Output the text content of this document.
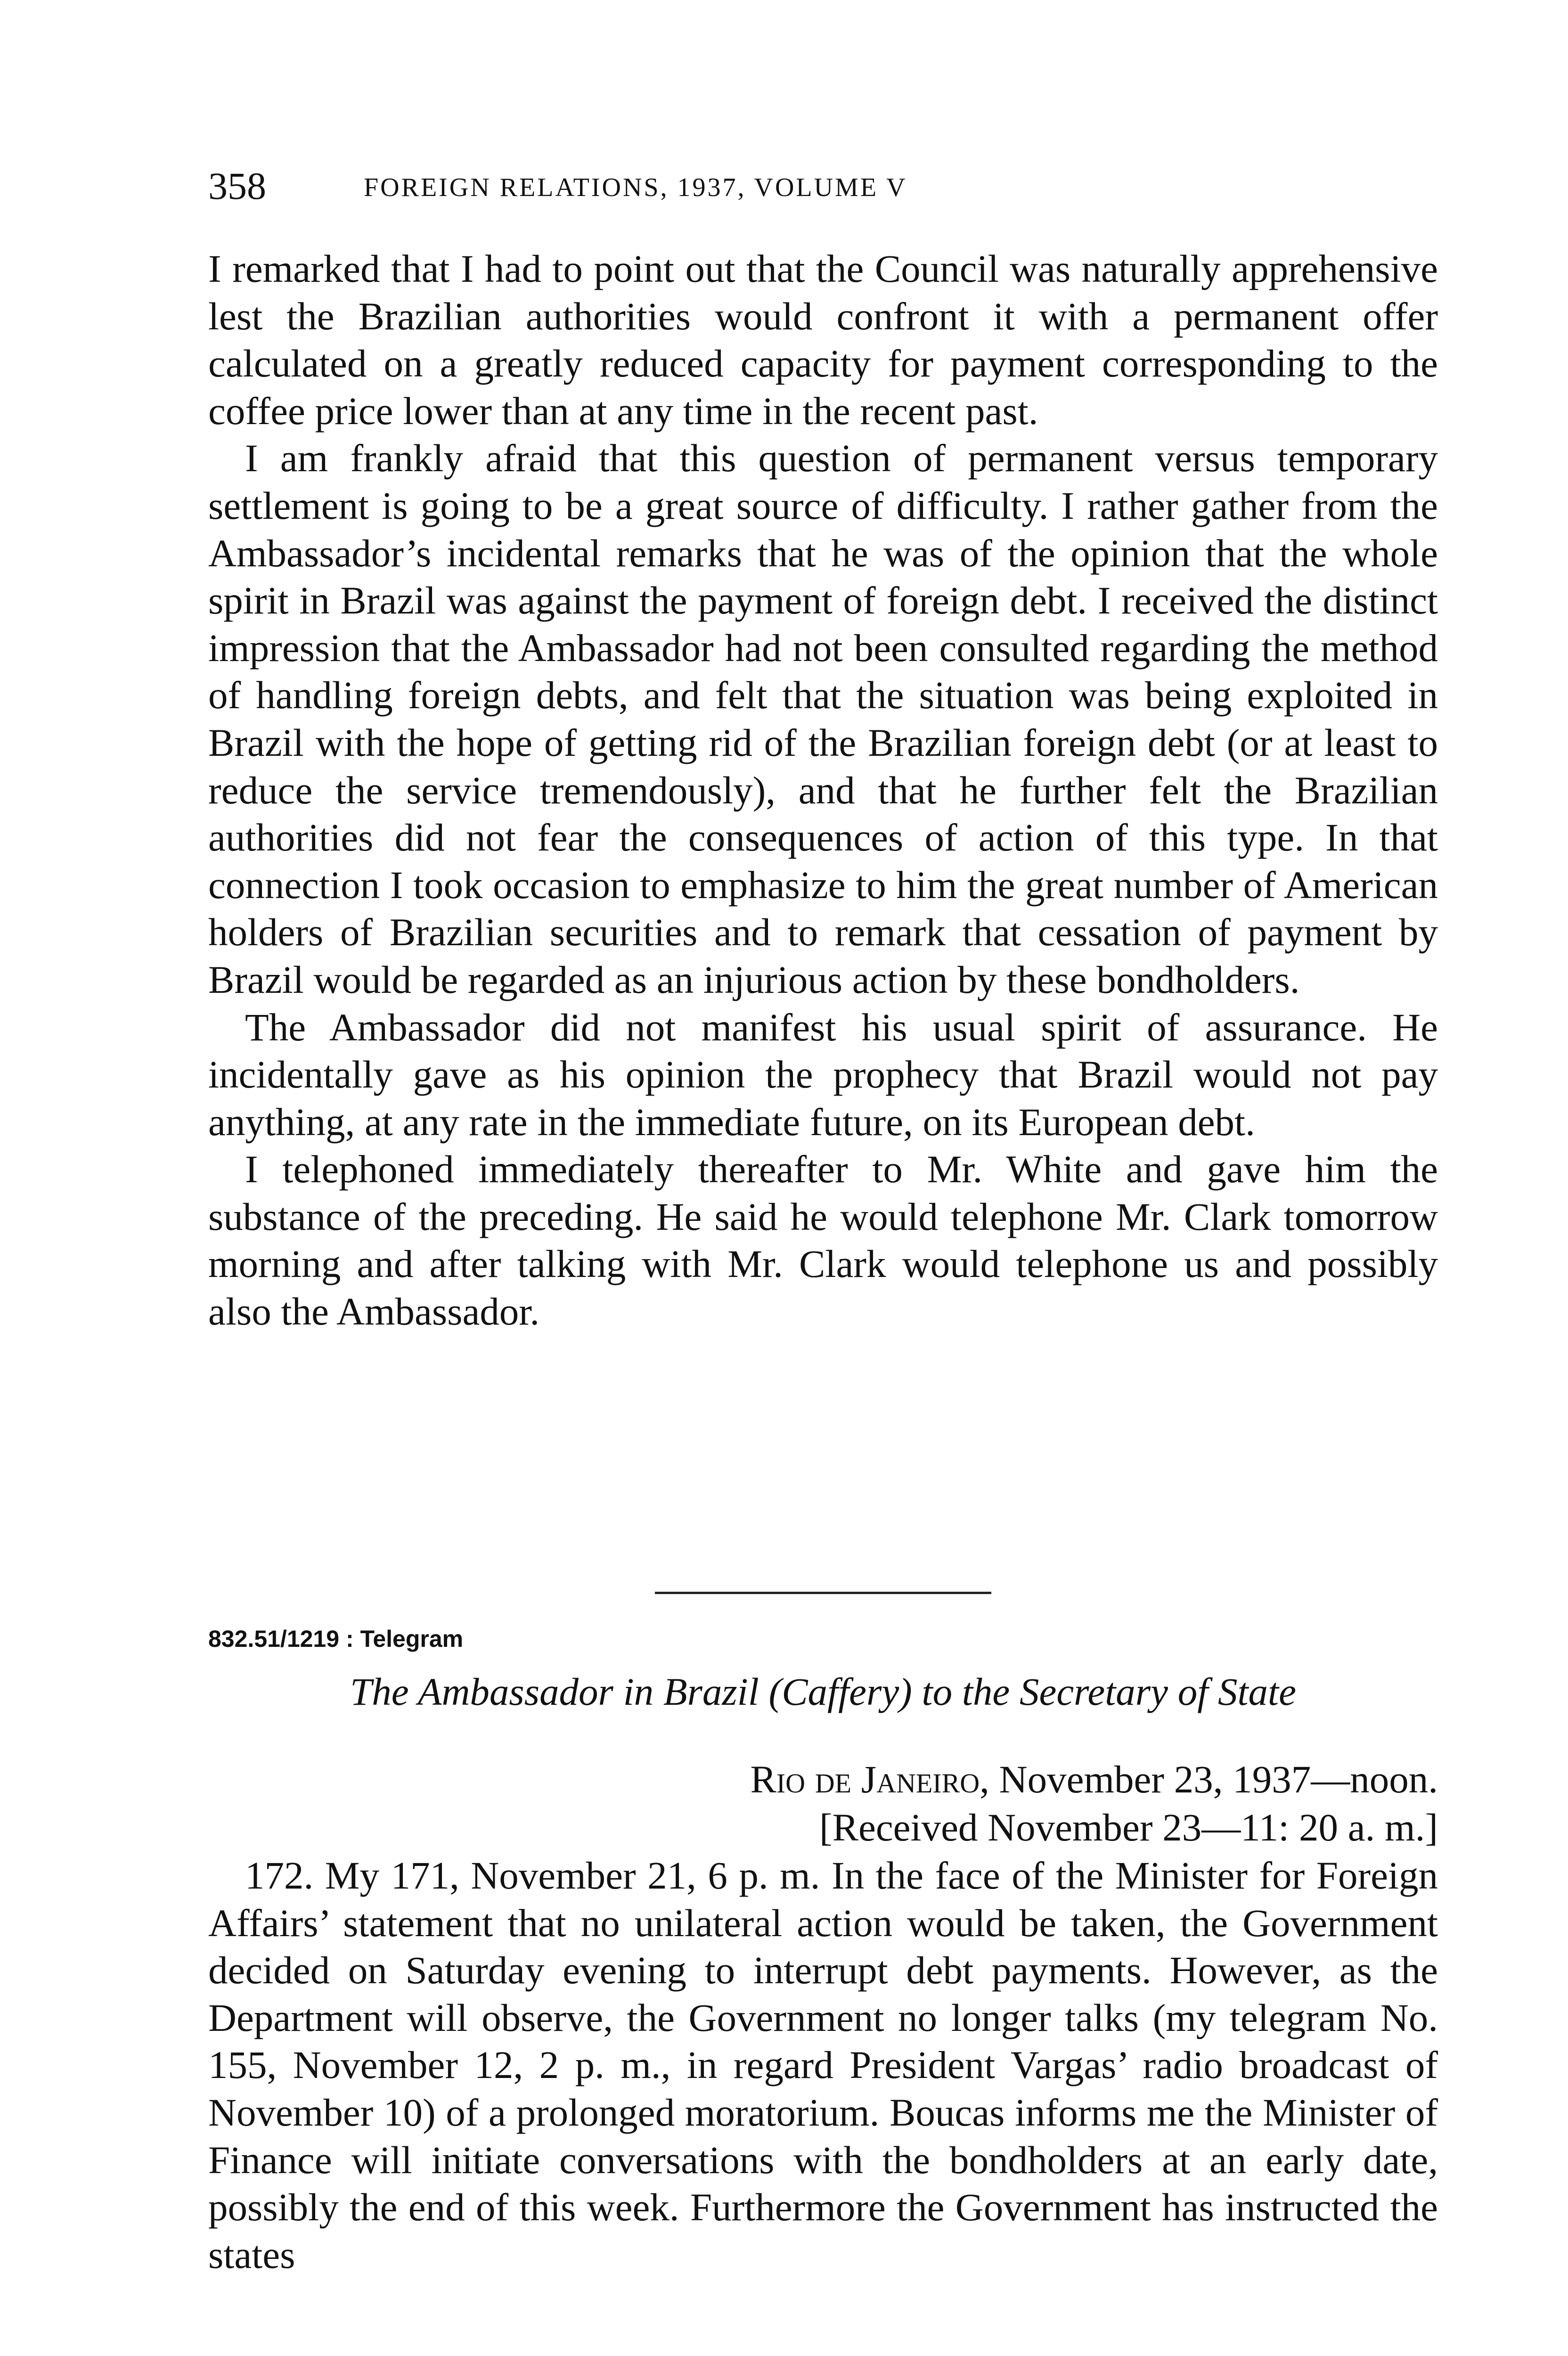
358	FOREIGN RELATIONS, 1937, VOLUME V

I remarked that I had to point out that the Council was naturally apprehensive lest the Brazilian authorities would confront it with a permanent offer calculated on a greatly reduced capacity for payment corresponding to the coffee price lower than at any time in the recent past.

I am frankly afraid that this question of permanent versus temporary settlement is going to be a great source of difficulty. I rather gather from the Ambassador’s incidental remarks that he was of the opinion that the whole spirit in Brazil was against the payment of foreign debt. I received the distinct impression that the Ambassador had not been consulted regarding the method of handling foreign debts, and felt that the situation was being exploited in Brazil with the hope of getting rid of the Brazilian foreign debt (or at least to reduce the service tremendously), and that he further felt the Brazilian authorities did not fear the consequences of action of this type. In that connection I took occasion to emphasize to him the great number of American holders of Brazilian securities and to remark that cessation of payment by Brazil would be regarded as an injurious action by these bondholders.

The Ambassador did not manifest his usual spirit of assurance. He incidentally gave as his opinion the prophecy that Brazil would not pay anything, at any rate in the immediate future, on its European debt.

I telephoned immediately thereafter to Mr. White and gave him the substance of the preceding. He said he would telephone Mr. Clark tomorrow morning and after talking with Mr. Clark would telephone us and possibly also the Ambassador.

832.51/1219 : Telegram
The Ambassador in Brazil (Caffery) to the Secretary of State
Rio de Janeiro, November 23, 1937—noon.
[Received November 23—11: 20 a. m.]

172. My 171, November 21, 6 p. m. In the face of the Minister for Foreign Affairs’ statement that no unilateral action would be taken, the Government decided on Saturday evening to interrupt debt payments. However, as the Department will observe, the Government no longer talks (my telegram No. 155, November 12, 2 p. m., in regard President Vargas’ radio broadcast of November 10) of a prolonged moratorium. Boucas informs me the Minister of Finance will initiate conversations with the bondholders at an early date, possibly the end of this week. Furthermore the Government has instructed the states
